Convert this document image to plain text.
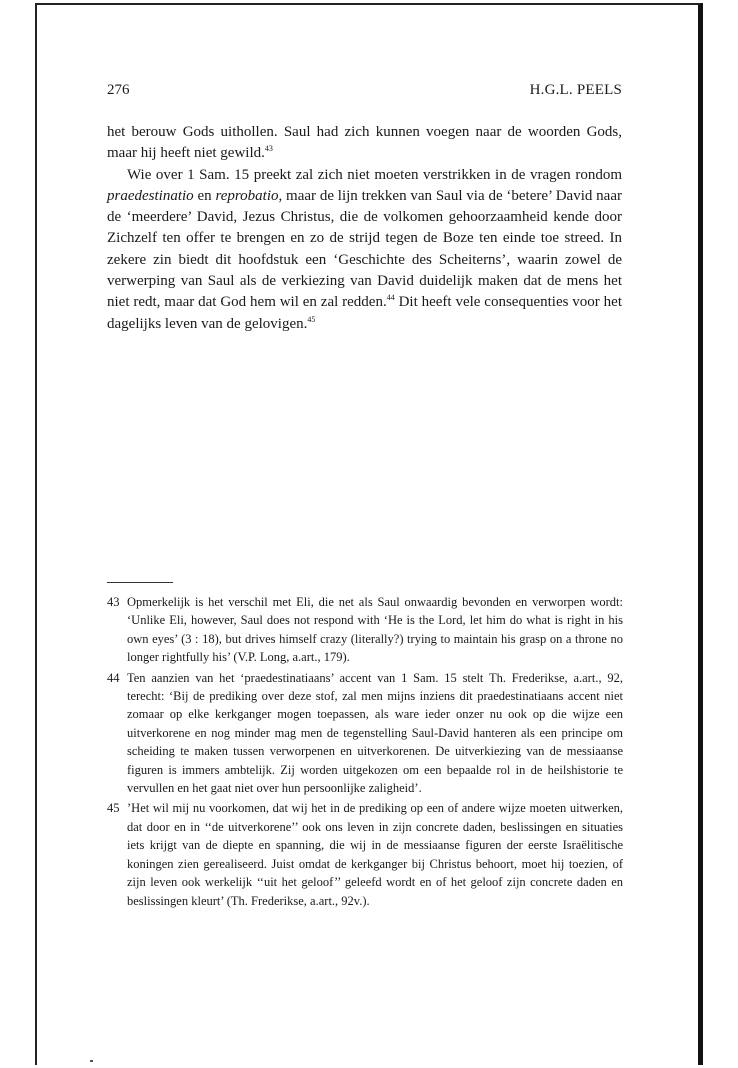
276	H.G.L. PEELS

het berouw Gods uithollen. Saul had zich kunnen voegen naar de woorden Gods, maar hij heeft niet gewild.$^{43}$

Wie over 1 Sam. 15 preekt zal zich niet moeten verstrikken in de vragen rondom praedestinatio en reprobatio, maar de lijn trekken van Saul via de ‘betere’ David naar de ‘meerdere’ David, Jezus Christus, die de volkomen gehoorzaamheid kende door Zichzelf ten offer te brengen en zo de strijd tegen de Boze ten einde toe streed. In zekere zin biedt dit hoofdstuk een ‘Geschichte des Scheiterns’, waarin zowel de verwerping van Saul als de verkiezing van David duidelijk maken dat de mens het niet redt, maar dat God hem wil en zal redden.$^{44}$ Dit heeft vele consequenties voor het dagelijks leven van de gelovigen.$^{45}$

43 Opmerkelijk is het verschil met Eli, die net als Saul onwaardig bevonden en verworpen wordt: ‘Unlike Eli, however, Saul does not respond with ‘He is the Lord, let him do what is right in his own eyes’ (3 : 18), but drives himself crazy (literally?) trying to maintain his grasp on a throne no longer rightfully his’ (V.P. Long, a.art., 179).
44 Ten aanzien van het ‘praedestinatiaans’ accent van 1 Sam. 15 stelt Th. Frederikse, a.art., 92, terecht: ‘Bij de prediking over deze stof, zal men mijns inziens dit praedestinatiaans accent niet zomaar op elke kerkganger mogen toepassen, als ware ieder onzer nu ook op die wijze een uitverkorene en nog minder mag men de tegenstelling Saul-David hanteren als een principe om scheiding te maken tussen verworpenen en uitverkorenen. De uitverkiezing van de messiaanse figuren is immers ambtelijk. Zij worden uitgekozen om een bepaalde rol in de heilshistorie te vervullen en het gaat niet over hun persoonlijke zaligheid’.
45 ’Het wil mij nu voorkomen, dat wij het in de prediking op een of andere wijze moeten uitwerken, dat door en in ‘‘de uitverkorene’’ ook ons leven in zijn concrete daden, beslissingen en situaties iets krijgt van de diepte en spanning, die wij in de messiaanse figuren der eerste Israëlitische koningen zien gerealiseerd. Juist omdat de kerkganger bij Christus behoort, moet hij toezien, of zijn leven ook werkelijk ‘‘uit het geloof’’ geleefd wordt en of het geloof zijn concrete daden en beslissingen kleurt’ (Th. Frederikse, a.art., 92v.).
